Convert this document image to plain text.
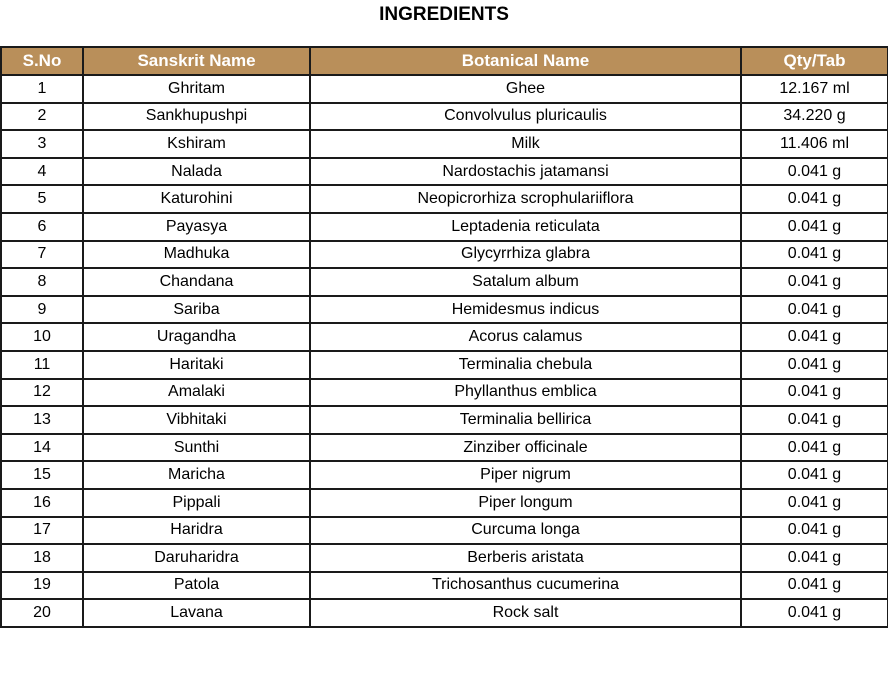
INGREDIENTS
S.No	Sanskrit Name	Botanical Name	Qty/Tab
1	Ghritam	Ghee	12.167 ml
2	Sankhupushpi	Convolvulus pluricaulis	34.220 g
3	Kshiram	Milk	11.406 ml
4	Nalada	Nardostachis jatamansi	0.041 g
5	Katurohini	Neopicrorhiza scrophulariiflora	0.041 g
6	Payasya	Leptadenia reticulata	0.041 g
7	Madhuka	Glycyrrhiza glabra	0.041 g
8	Chandana	Satalum album	0.041 g
9	Sariba	Hemidesmus indicus	0.041 g
10	Uragandha	Acorus calamus	0.041 g
11	Haritaki	Terminalia chebula	0.041 g
12	Amalaki	Phyllanthus emblica	0.041 g
13	Vibhitaki	Terminalia bellirica	0.041 g
14	Sunthi	Zinziber officinale	0.041 g
15	Maricha	Piper nigrum	0.041 g
16	Pippali	Piper longum	0.041 g
17	Haridra	Curcuma longa	0.041 g
18	Daruharidra	Berberis aristata	0.041 g
19	Patola	Trichosanthus cucumerina	0.041 g
20	Lavana	Rock salt	0.041 g
